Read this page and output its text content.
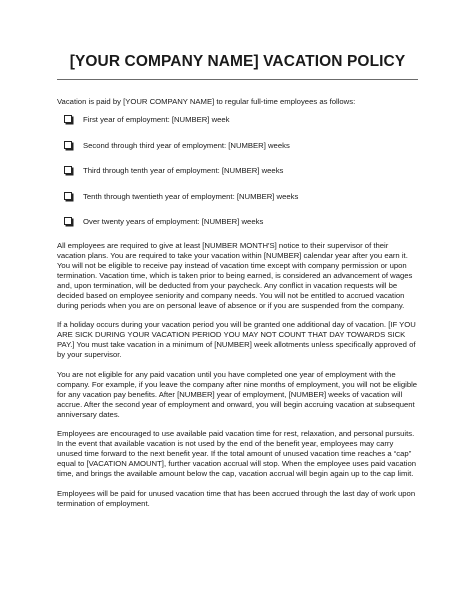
[YOUR COMPANY NAME] VACATION POLICY

Vacation is paid by [YOUR COMPANY NAME] to regular full-time employees as follows:

First year of employment: [NUMBER] week
Second through third year of employment: [NUMBER] weeks
Third through tenth year of employment: [NUMBER] weeks
Tenth through twentieth year of employment: [NUMBER] weeks
Over twenty years of employment: [NUMBER] weeks

All employees are required to give at least [NUMBER MONTH'S] notice to their supervisor of their vacation plans. You are required to take your vacation within [NUMBER] calendar year after you earn it. You will not be eligible to receive pay instead of vacation time except with company permission or upon termination. Vacation time, which is taken prior to being earned, is considered an advancement of wages and, upon termination, will be deducted from your paycheck. Any conflict in vacation requests will be decided based on employee seniority and company needs. You will not be entitled to accrued vacation during periods when you are on personal leave of absence or if you are suspended from the company.

If a holiday occurs during your vacation period you will be granted one additional day of vacation. [IF YOU ARE SICK DURING YOUR VACATION PERIOD YOU MAY NOT COUNT THAT DAY TOWARDS SICK PAY.] You must take vacation in a minimum of [NUMBER] week allotments unless specifically approved of by your supervisor.

You are not eligible for any paid vacation until you have completed one year of employment with the company. For example, if you leave the company after nine months of employment, you will not be eligible for any vacation pay benefits. After [NUMBER] year of employment, [NUMBER] weeks of vacation will accrue. After the second year of employment and onward, you will begin accruing vacation at subsequent anniversary dates.

Employees are encouraged to use available paid vacation time for rest, relaxation, and personal pursuits. In the event that available vacation is not used by the end of the benefit year, employees may carry unused time forward to the next benefit year. If the total amount of unused vacation time reaches a “cap” equal to [VACATION AMOUNT], further vacation accrual will stop. When the employee uses paid vacation time, and brings the available amount below the cap, vacation accrual will begin again up to the cap limit.

Employees will be paid for unused vacation time that has been accrued through the last day of work upon termination of employment.
